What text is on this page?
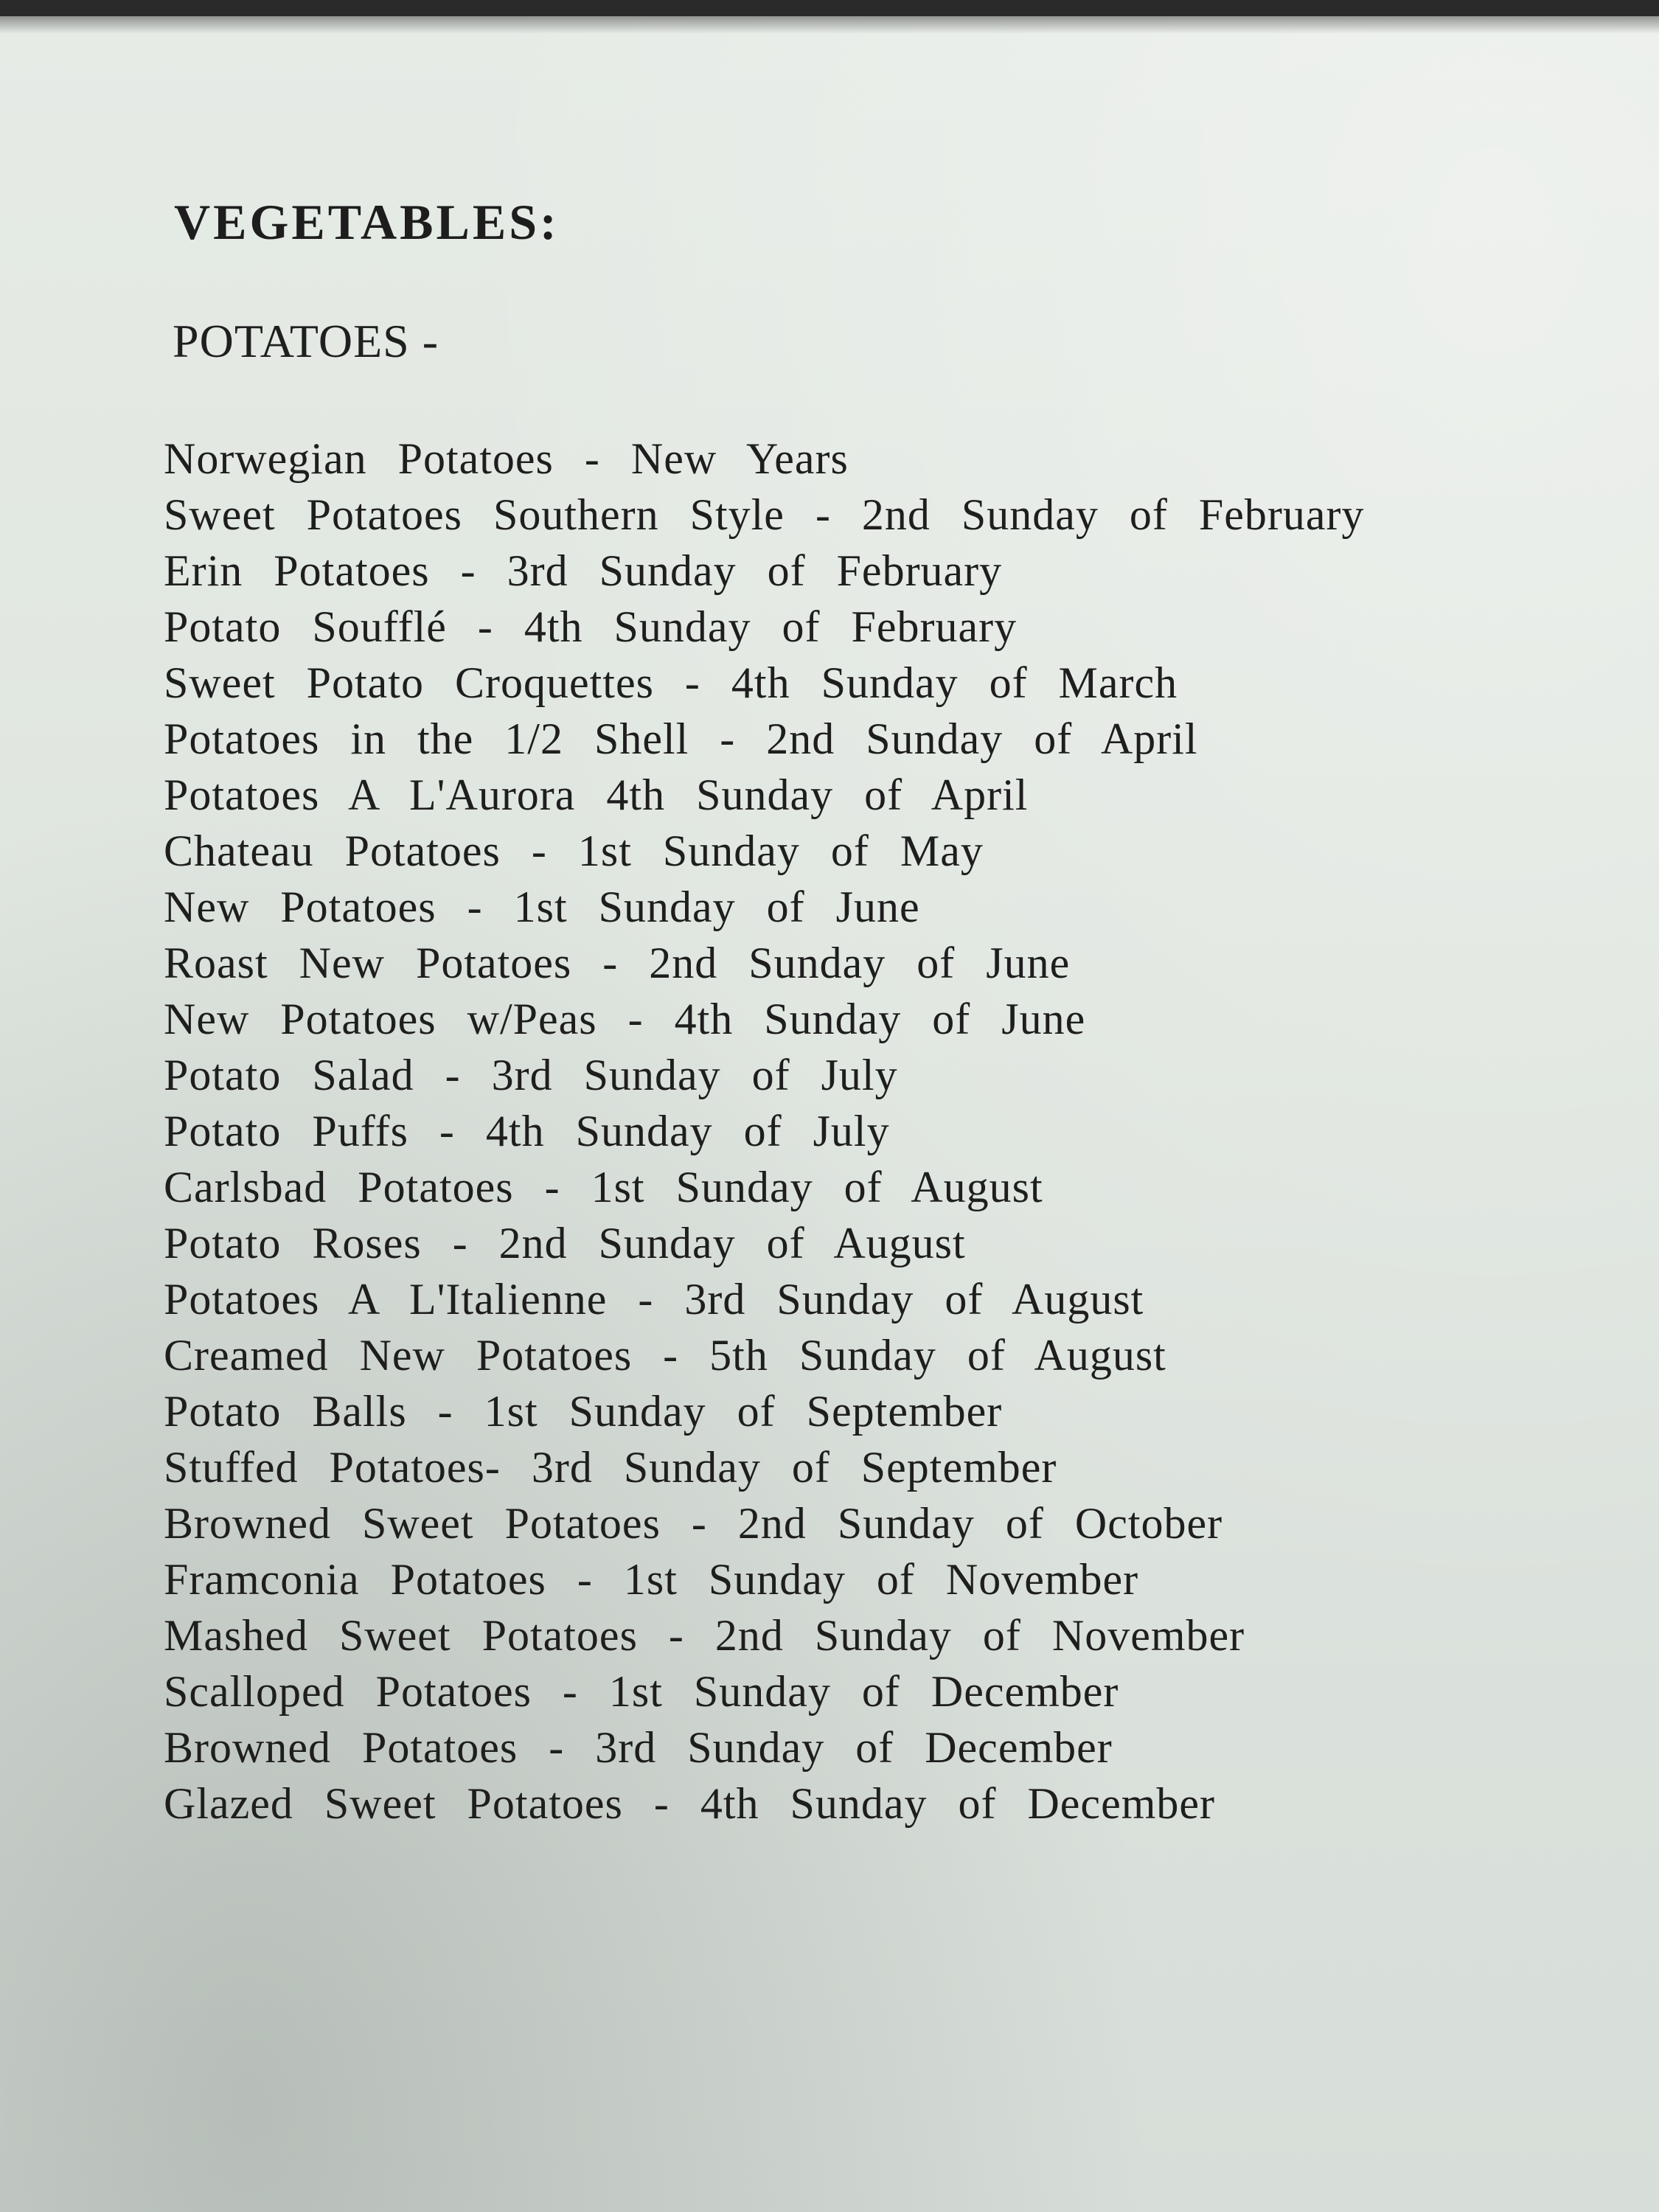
VEGETABLES:
POTATOES -
Norwegian Potatoes - New Years
Sweet Potatoes Southern Style - 2nd Sunday of February
Erin Potatoes - 3rd Sunday of February
Potato Soufflé - 4th Sunday of February
Sweet Potato Croquettes - 4th Sunday of March
Potatoes in the 1/2 Shell - 2nd Sunday of April
Potatoes A L'Aurora 4th Sunday of April
Chateau Potatoes - 1st Sunday of May
New Potatoes - 1st Sunday of June
Roast New Potatoes - 2nd Sunday of June
New Potatoes w/Peas - 4th Sunday of June
Potato Salad - 3rd Sunday of July
Potato Puffs - 4th Sunday of July
Carlsbad Potatoes - 1st Sunday of August
Potato Roses - 2nd Sunday of August
Potatoes A L'Italienne - 3rd Sunday of August
Creamed New Potatoes - 5th Sunday of August
Potato Balls - 1st Sunday of September
Stuffed Potatoes- 3rd Sunday of September
Browned Sweet Potatoes - 2nd Sunday of October
Framconia Potatoes - 1st Sunday of November
Mashed Sweet Potatoes - 2nd Sunday of November
Scalloped Potatoes - 1st Sunday of December
Browned Potatoes - 3rd Sunday of December
Glazed Sweet Potatoes - 4th Sunday of December
